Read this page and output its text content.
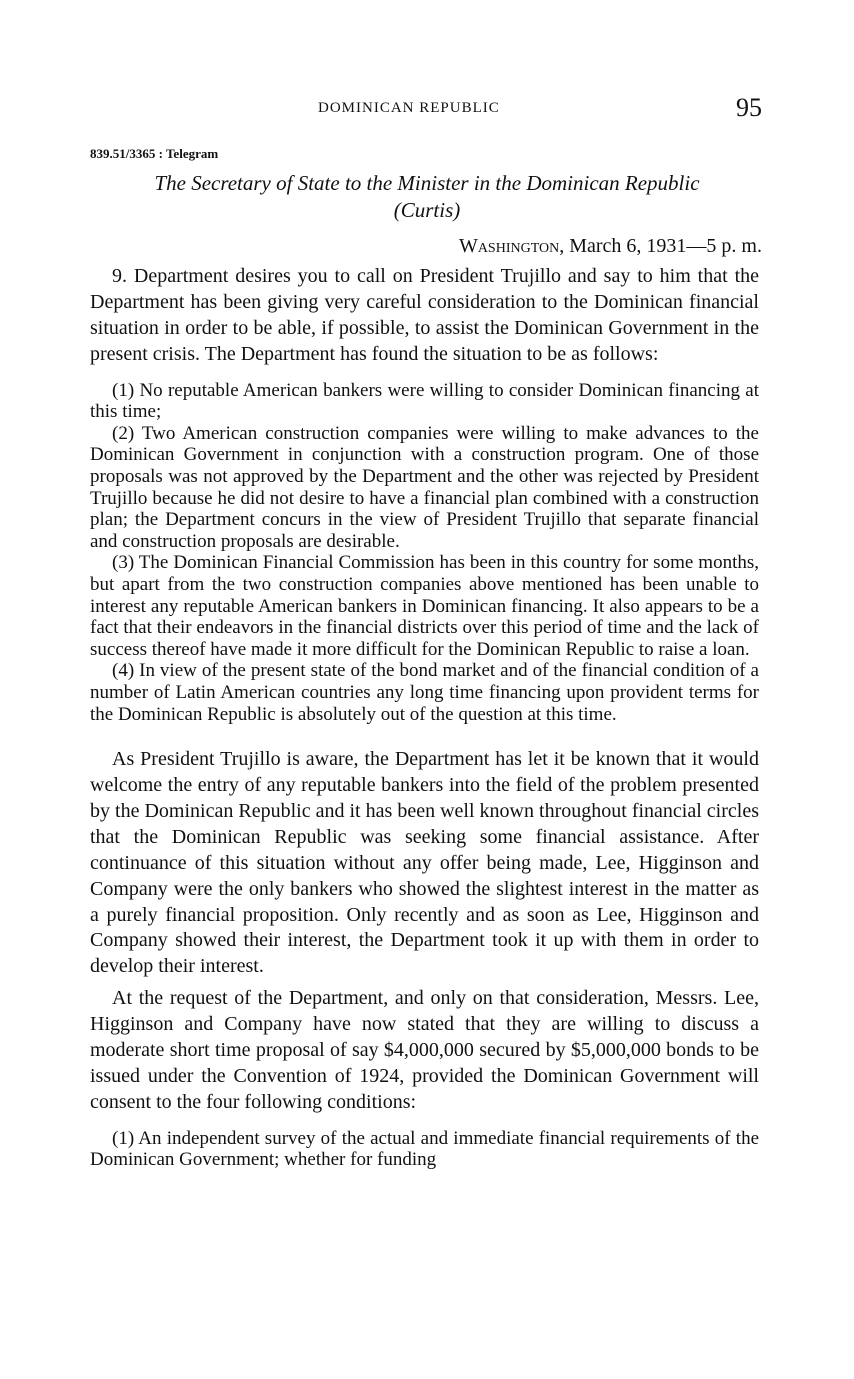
DOMINICAN REPUBLIC	95
839.51/3365 : Telegram
The Secretary of State to the Minister in the Dominican Republic
(Curtis)
Washington, March 6, 1931—5 p. m.

9. Department desires you to call on President Trujillo and say to him that the Department has been giving very careful consideration to the Dominican financial situation in order to be able, if possible, to assist the Dominican Government in the present crisis. The Department has found the situation to be as follows:

(1) No reputable American bankers were willing to consider Dominican financing at this time;

(2) Two American construction companies were willing to make advances to the Dominican Government in conjunction with a construction program. One of those proposals was not approved by the Department and the other was rejected by President Trujillo because he did not desire to have a financial plan combined with a construction plan; the Department concurs in the view of President Trujillo that separate financial and construction proposals are desirable.

(3) The Dominican Financial Commission has been in this country for some months, but apart from the two construction companies above mentioned has been unable to interest any reputable American bankers in Dominican financing. It also appears to be a fact that their endeavors in the financial districts over this period of time and the lack of success thereof have made it more difficult for the Dominican Republic to raise a loan.

(4) In view of the present state of the bond market and of the financial condition of a number of Latin American countries any long time financing upon provident terms for the Dominican Republic is absolutely out of the question at this time.

As President Trujillo is aware, the Department has let it be known that it would welcome the entry of any reputable bankers into the field of the problem presented by the Dominican Republic and it has been well known throughout financial circles that the Dominican Republic was seeking some financial assistance. After continuance of this situation without any offer being made, Lee, Higginson and Company were the only bankers who showed the slightest interest in the matter as a purely financial proposition. Only recently and as soon as Lee, Higginson and Company showed their interest, the Department took it up with them in order to develop their interest.

At the request of the Department, and only on that consideration, Messrs. Lee, Higginson and Company have now stated that they are willing to discuss a moderate short time proposal of say $4,000,000 secured by $5,000,000 bonds to be issued under the Convention of 1924, provided the Dominican Government will consent to the four following conditions:

(1) An independent survey of the actual and immediate financial requirements of the Dominican Government; whether for funding
